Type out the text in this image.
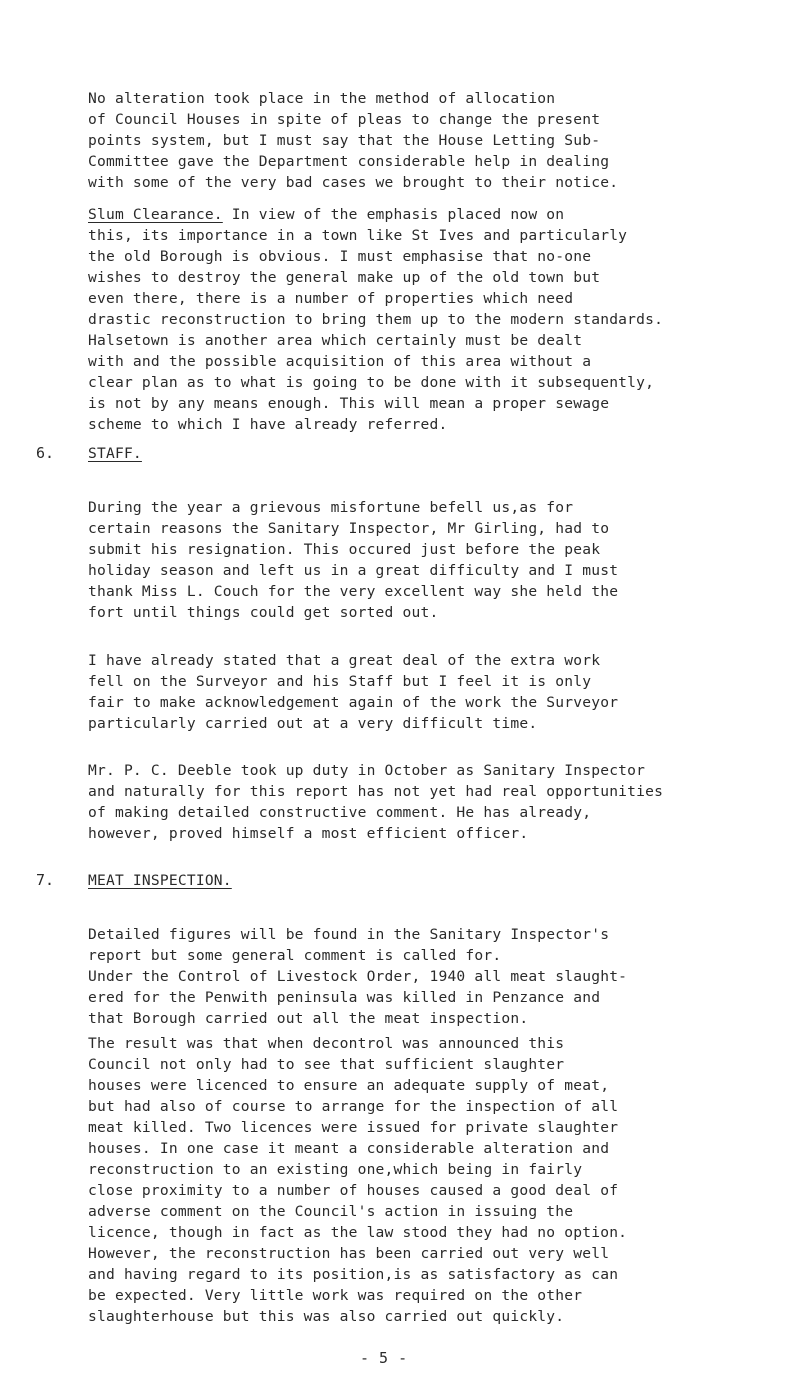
No alteration took place in the method of allocation
of Council Houses in spite of pleas to change the present
points system, but I must say that the House Letting Sub-
Committee gave the Department considerable help in dealing
with some of the very bad cases we brought to their notice.
Slum Clearance. In view of the emphasis placed now on
this, its importance in a town like St Ives and particularly
the old Borough is obvious. I must emphasise that no-one
wishes to destroy the general make up of the old town but
even there, there is a number of properties which need
drastic reconstruction to bring them up to the modern standards.
Halsetown is another area which certainly must be dealt
with and the possible acquisition of this area without a
clear plan as to what is going to be done with it subsequently,
is not by any means enough. This will mean a proper sewage
scheme to which I have already referred.
6. STAFF.
During the year a grievous misfortune befell us,as for
certain reasons the Sanitary Inspector, Mr Girling, had to
submit his resignation. This occured just before the peak
holiday season and left us in a great difficulty and I must
thank Miss L. Couch for the very excellent way she held the
fort until things could get sorted out.
I have already stated that a great deal of the extra work
fell on the Surveyor and his Staff but I feel it is only
fair to make acknowledgement again of the work the Surveyor
particularly carried out at a very difficult time.
Mr. P. C. Deeble took up duty in October as Sanitary Inspector
and naturally for this report has not yet had real opportunities
of making detailed constructive comment. He has already,
however, proved himself a most efficient officer.
7. MEAT INSPECTION.
Detailed figures will be found in the Sanitary Inspector's
report but some general comment is called for.
Under the Control of Livestock Order, 1940 all meat slaught-
ered for the Penwith peninsula was killed in Penzance and
that Borough carried out all the meat inspection.
The result was that when decontrol was announced this
Council not only had to see that sufficient slaughter
houses were licenced to ensure an adequate supply of meat,
but had also of course to arrange for the inspection of all
meat killed. Two licences were issued for private slaughter
houses. In one case it meant a considerable alteration and
reconstruction to an existing one,which being in fairly
close proximity to a number of houses caused a good deal of
adverse comment on the Council's action in issuing the
licence, though in fact as the law stood they had no option.
However, the reconstruction has been carried out very well
and having regard to its position,is as satisfactory as can
be expected. Very little work was required on the other
slaughterhouse but this was also carried out quickly.
- 5 -
